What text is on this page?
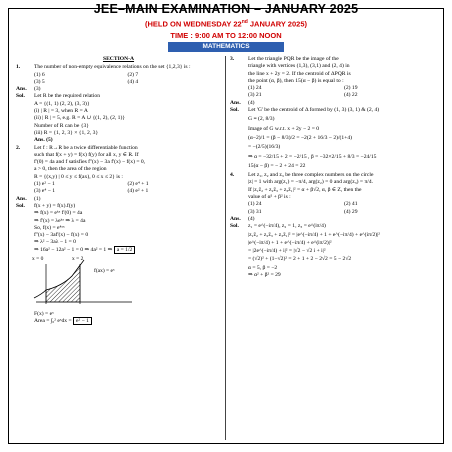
JEE–MAIN EXAMINATION – JANUARY 2025
(HELD ON WEDNESDAY 22nd JANUARY 2025)
TIME : 9:00 AM TO 12:00 NOON
MATHEMATICS
SECTION-A
1.	The number of non-empty equivalence relations on the set {1,2,3} is :
(1) 6	(2) 7
(3) 5	(4) 4
Ans.	(3)
Sol.	Let R be the required relation
A = {(1, 1) (2, 2), (3, 3)}
(i) | R | = 3, when R = A
(ii) | R | = 5, e.g. R = A ∪ {(1, 2), (2, 1)}
Number of R can be {3}
(iii) R = {1, 2, 3} × {1, 2, 3}
Ans. (5)
2.	Let f : R→R be a twice differentiable function
such that f(x + y) = f(x) f(y) for all x, y ∈ R. If
f'(0) = 4a and f satisfies f''(x) − 3a f'(x) − f(x) = 0,
a > 0, then the area of the region
R = {(x,y) | 0 ≤ y ≤ f(ax), 0 ≤ x ≤ 2} is :
(1) e² − 1	(2) e⁴ + 1
(3) e⁴ − 1	(4) e² + 1
Ans.	(1)
Sol.	f(x + y) = f(x).f(y)
⇒ f(x) = eᵏˣ f'(0) = 4a
⇒ f'(x) = λeᵏˣ ⇒ λ = 4a
So, f(x) = e⁴ᵃˣ
f''(x) − 3af'(x) − f(x) = 0
⇒ λ² − 3aλ − 1 = 0
⇒ 16a² − 12a² − 1 = 0 ⇒ 4a² = 1 ⇒ a = 1/2
x = 0	x = 2
f(ax) = eˣ
F(x) = eˣ
Area = ∫₀² eˣdx = e² − 1
3.	Let the triangle PQR be the image of the
triangle with vertices (1,3), (3,1) and (2, 4) in
the line x + 2y = 2. If the centroid of ΔPQR is
the point (α, β), then 15(α − β) is equal to :
(1) 24	(2) 19
(3) 21	(4) 22
Ans.	(4)
Sol.	Let 'G' be the centroid of Δ formed by (1, 3) (3, 1) & (2, 4)
G ≡ (2, 8/3)
Image of G w.r.t. x + 2y − 2 = 0
(α−2)/1 = (β − 8/3)/2 = −2(2 + 16/3 − 2)/(1+4)
= −(2/5)(16/3)
⇒ α = −32/15 + 2 = −2/15 , β = −32×2/15 + 8/3 = −24/15
15(α − β) = − 2 + 24 = 22
4.	Let z₁, z₂ and z₃ be three complex numbers on the circle
|z| = 1 with arg(z₁) = −π/4, arg(z₂) = 0 and arg(z₃) = π/4.
If |z₁z̄₂ + z₂z̄₃ + z₃z̄₁|² = α + β√2, α, β ∈ Z, then the
value of α² + β² is :
(1) 24	(2) 41
(3) 31	(4) 29
Ans.	(4)
Sol.	z₁ = e^(−iπ/4), z₂ = 1, z₃ = e^(iπ/4)
|z₁z̄₂ + z₂z̄₃ + z₃z̄₁|² = |e^(−iπ/4) + 1 + e^(−iπ/4) + e^(iπ/2)|²
|e^(−iπ/4) + 1 + e^(−iπ/4) + e^(iπ/2)|²
= |2e^(−iπ/4) + i|² = |√2 − √2 i + i|²
= (√2)² + (1−√2)² = 2 + 1 + 2 − 2√2 = 5 − 2√2
α = 5, β = −2
⇒ α² + β² = 29
